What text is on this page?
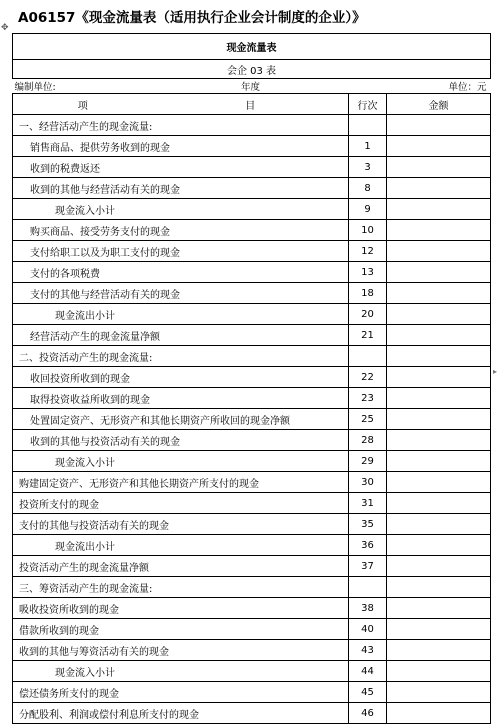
A06157《现金流量表（适用执行企业会计制度的企业）》
✥
▸
现金流量表			
会企 03 表			
编制单位:	年度	单位：元	
项	目	行次	金额
一、经营活动产生的现金流量:			
销售商品、提供劳务收到的现金		1	
收到的税费返还		3	
收到的其他与经营活动有关的现金		8	
现金流入小计		9	
购买商品、接受劳务支付的现金		10	
支付给职工以及为职工支付的现金		12	
支付的各项税费		13	
支付的其他与经营活动有关的现金		18	
现金流出小计		20	
经营活动产生的现金流量净额		21	
二、投资活动产生的现金流量:			
收回投资所收到的现金		22	
取得投资收益所收到的现金		23	
处置固定资产、无形资产和其他长期资产所收回的现金净额		25	
收到的其他与投资活动有关的现金		28	
现金流入小计		29	
购建固定资产、无形资产和其他长期资产所支付的现金		30	
投资所支付的现金		31	
支付的其他与投资活动有关的现金		35	
现金流出小计		36	
投资活动产生的现金流量净额		37	
三、筹资活动产生的现金流量:			
吸收投资所收到的现金		38	
借款所收到的现金		40	
收到的其他与筹资活动有关的现金		43	
现金流入小计		44	
偿还债务所支付的现金		45	
分配股利、利润或偿付利息所支付的现金		46	
